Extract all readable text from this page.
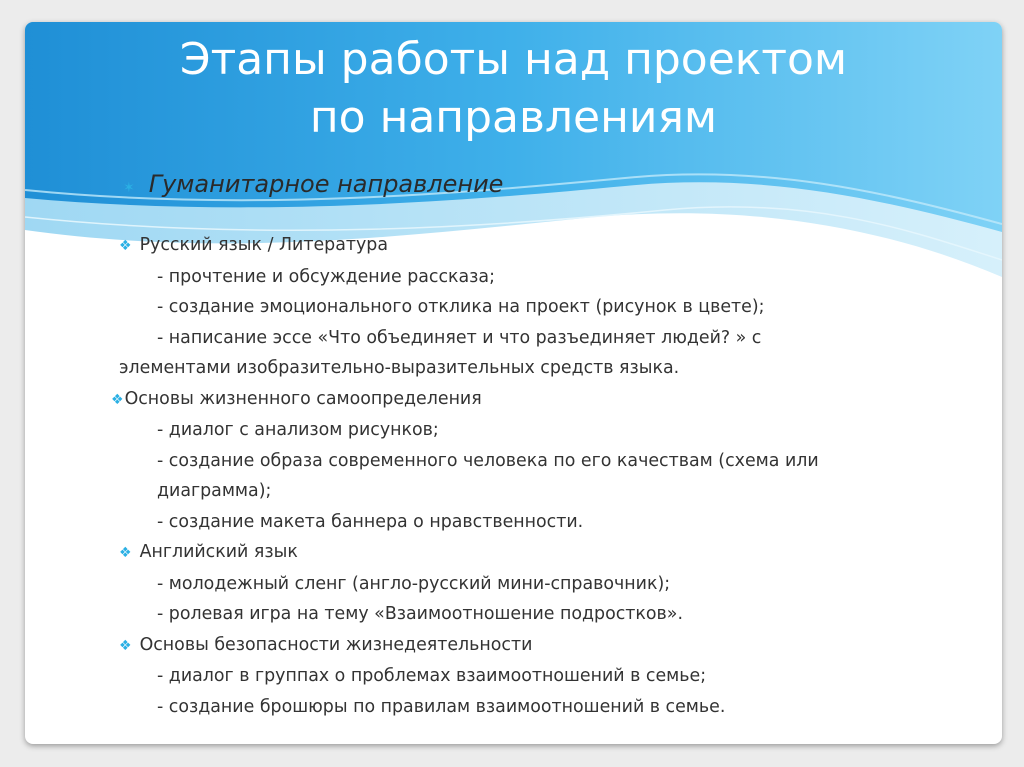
Этапы работы над проектом
по направлениям
✶ Гуманитарное направление
❖ Русский язык / Литература
- прочтение и обсуждение рассказа;
- создание эмоционального отклика на проект (рисунок в цвете);
- написание эссе «Что объединяет и что разъединяет людей? » с
элементами изобразительно-выразительных средств языка.
❖Основы жизненного самоопределения
- диалог с анализом рисунков;
- создание образа современного человека по его качествам (схема или
диаграмма);
- создание макета баннера о нравственности.
❖ Английский язык
- молодежный сленг (англо-русский мини-справочник);
- ролевая игра на тему «Взаимоотношение подростков».
❖ Основы безопасности жизнедеятельности
- диалог в группах о проблемах взаимоотношений в семье;
- создание брошюры по правилам взаимоотношений в семье.
